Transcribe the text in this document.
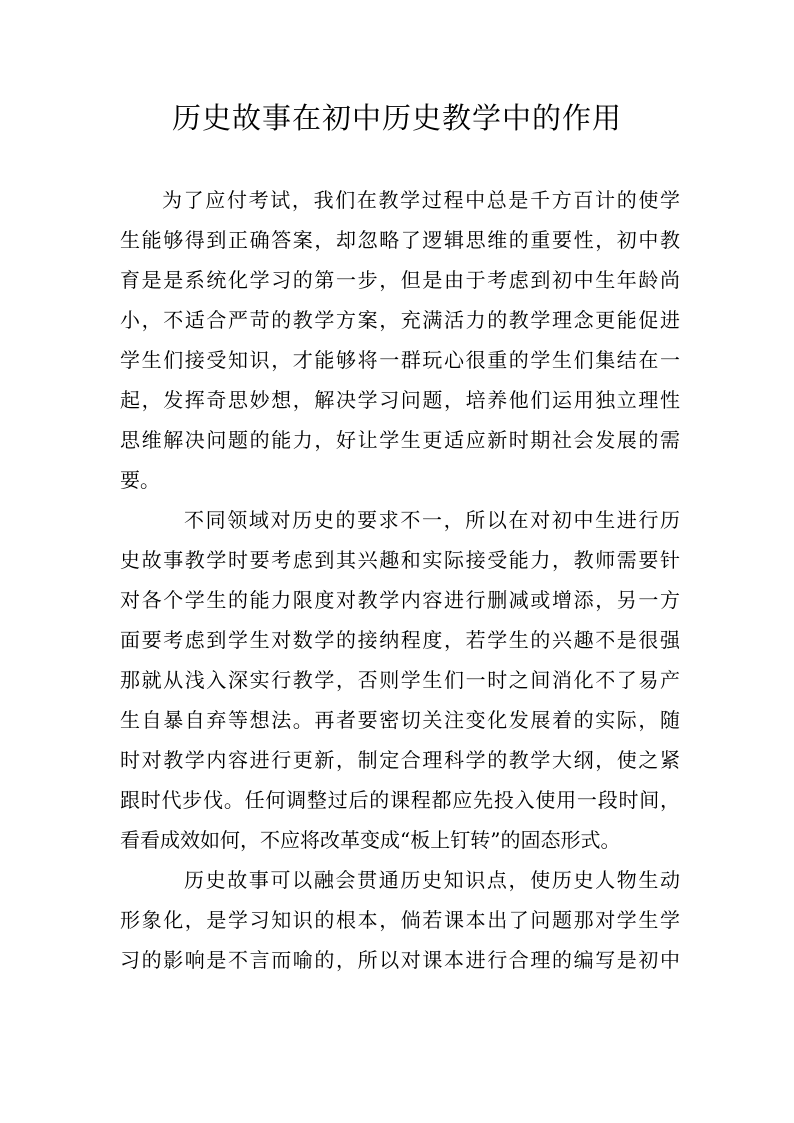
历史故事在初中历史教学中的作用
为了应付考试，我们在教学过程中总是千方百计的使学
生能够得到正确答案，却忽略了逻辑思维的重要性，初中教
育是是系统化学习的第一步，但是由于考虑到初中生年龄尚
小，不适合严苛的教学方案，充满活力的教学理念更能促进
学生们接受知识，才能够将一群玩心很重的学生们集结在一
起，发挥奇思妙想，解决学习问题，培养他们运用独立理性
思维解决问题的能力，好让学生更适应新时期社会发展的需
要。
不同领域对历史的要求不一，所以在对初中生进行历
史故事教学时要考虑到其兴趣和实际接受能力，教师需要针
对各个学生的能力限度对教学内容进行删减或增添，另一方
面要考虑到学生对数学的接纳程度，若学生的兴趣不是很强
那就从浅入深实行教学，否则学生们一时之间消化不了易产
生自暴自弃等想法。再者要密切关注变化发展着的实际，随
时对教学内容进行更新，制定合理科学的教学大纲，使之紧
跟时代步伐。任何调整过后的课程都应先投入使用一段时间，
看看成效如何，不应将改革变成“板上钉转”的固态形式。
历史故事可以融会贯通历史知识点，使历史人物生动
形象化，是学习知识的根本，倘若课本出了问题那对学生学
习的影响是不言而喻的，所以对课本进行合理的编写是初中
